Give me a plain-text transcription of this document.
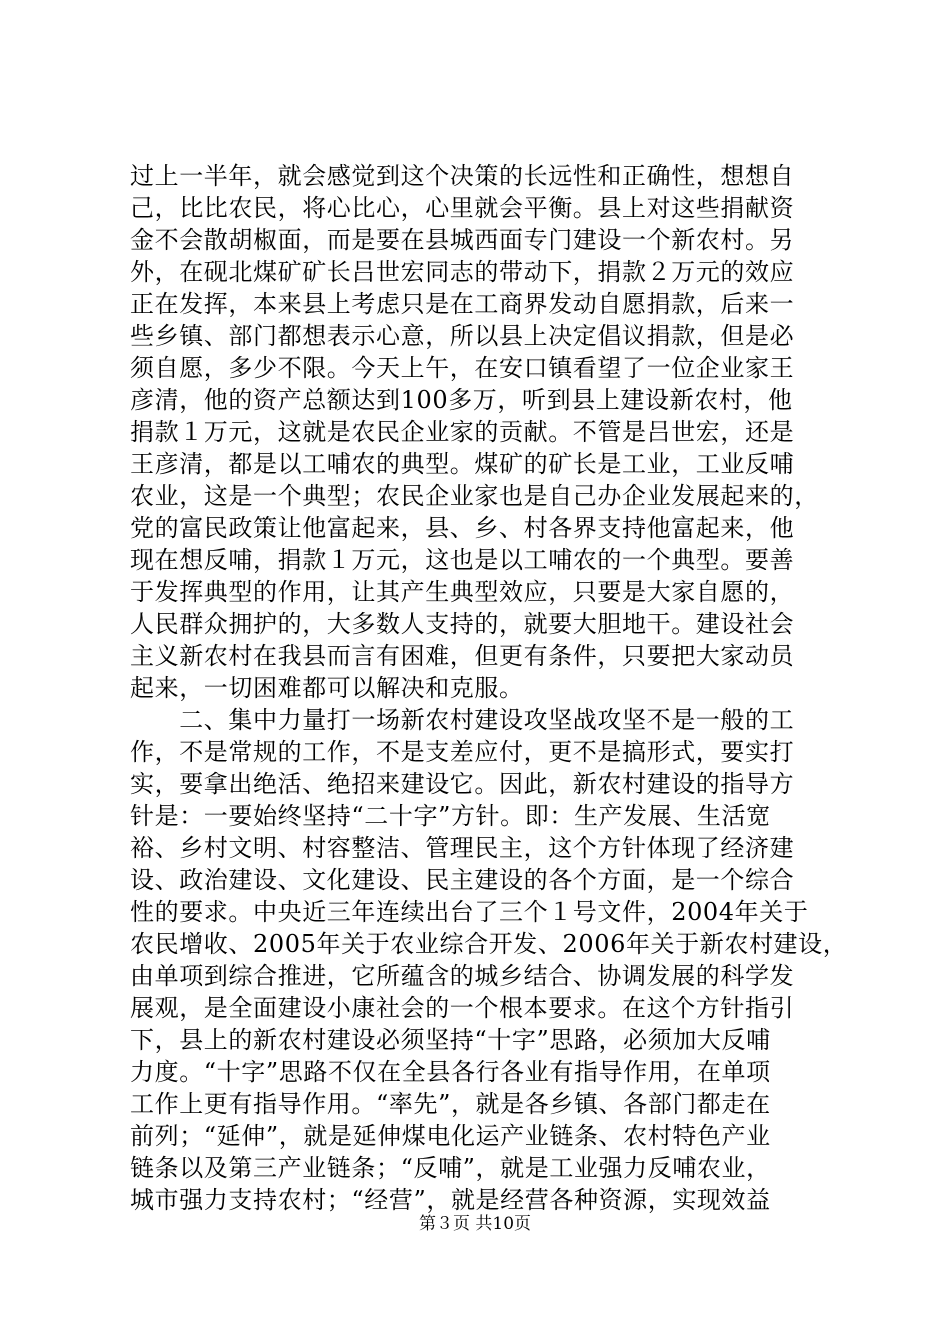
过上一半年，就会感觉到这个决策的长远性和正确性，想想自
己，比比农民，将心比心，心里就会平衡。县上对这些捐献资
金不会散胡椒面，而是要在县城西面专门建设一个新农村。另
外，在砚北煤矿矿长吕世宏同志的带动下，捐款２万元的效应
正在发挥，本来县上考虑只是在工商界发动自愿捐款，后来一
些乡镇、部门都想表示心意，所以县上决定倡议捐款，但是必
须自愿，多少不限。今天上午，在安口镇看望了一位企业家王
彦清，他的资产总额达到100多万，听到县上建设新农村，他
捐款１万元，这就是农民企业家的贡献。不管是吕世宏，还是
王彦清，都是以工哺农的典型。煤矿的矿长是工业，工业反哺
农业，这是一个典型；农民企业家也是自己办企业发展起来的，
党的富民政策让他富起来，县、乡、村各界支持他富起来，他
现在想反哺，捐款１万元，这也是以工哺农的一个典型。要善
于发挥典型的作用，让其产生典型效应，只要是大家自愿的，
人民群众拥护的，大多数人支持的，就要大胆地干。建设社会
主义新农村在我县而言有困难，但更有条件，只要把大家动员
起来，一切困难都可以解决和克服。
　　二、集中力量打一场新农村建设攻坚战攻坚不是一般的工
作，不是常规的工作，不是支差应付，更不是搞形式，要实打
实，要拿出绝活、绝招来建设它。因此，新农村建设的指导方
针是：一要始终坚持“二十字”方针。即：生产发展、生活宽
裕、乡村文明、村容整洁、管理民主，这个方针体现了经济建
设、政治建设、文化建设、民主建设的各个方面，是一个综合
性的要求。中央近三年连续出台了三个１号文件，2004年关于
农民增收、2005年关于农业综合开发、2006年关于新农村建设，
由单项到综合推进，它所蕴含的城乡结合、协调发展的科学发
展观，是全面建设小康社会的一个根本要求。在这个方针指引
下，县上的新农村建设必须坚持“十字”思路，必须加大反哺
力度。“十字”思路不仅在全县各行各业有指导作用，在单项
工作上更有指导作用。“率先”，就是各乡镇、各部门都走在
前列；“延伸”，就是延伸煤电化运产业链条、农村特色产业
链条以及第三产业链条；“反哺”，就是工业强力反哺农业，
城市强力支持农村；“经营”，就是经营各种资源，实现效益
第３页 共10页
